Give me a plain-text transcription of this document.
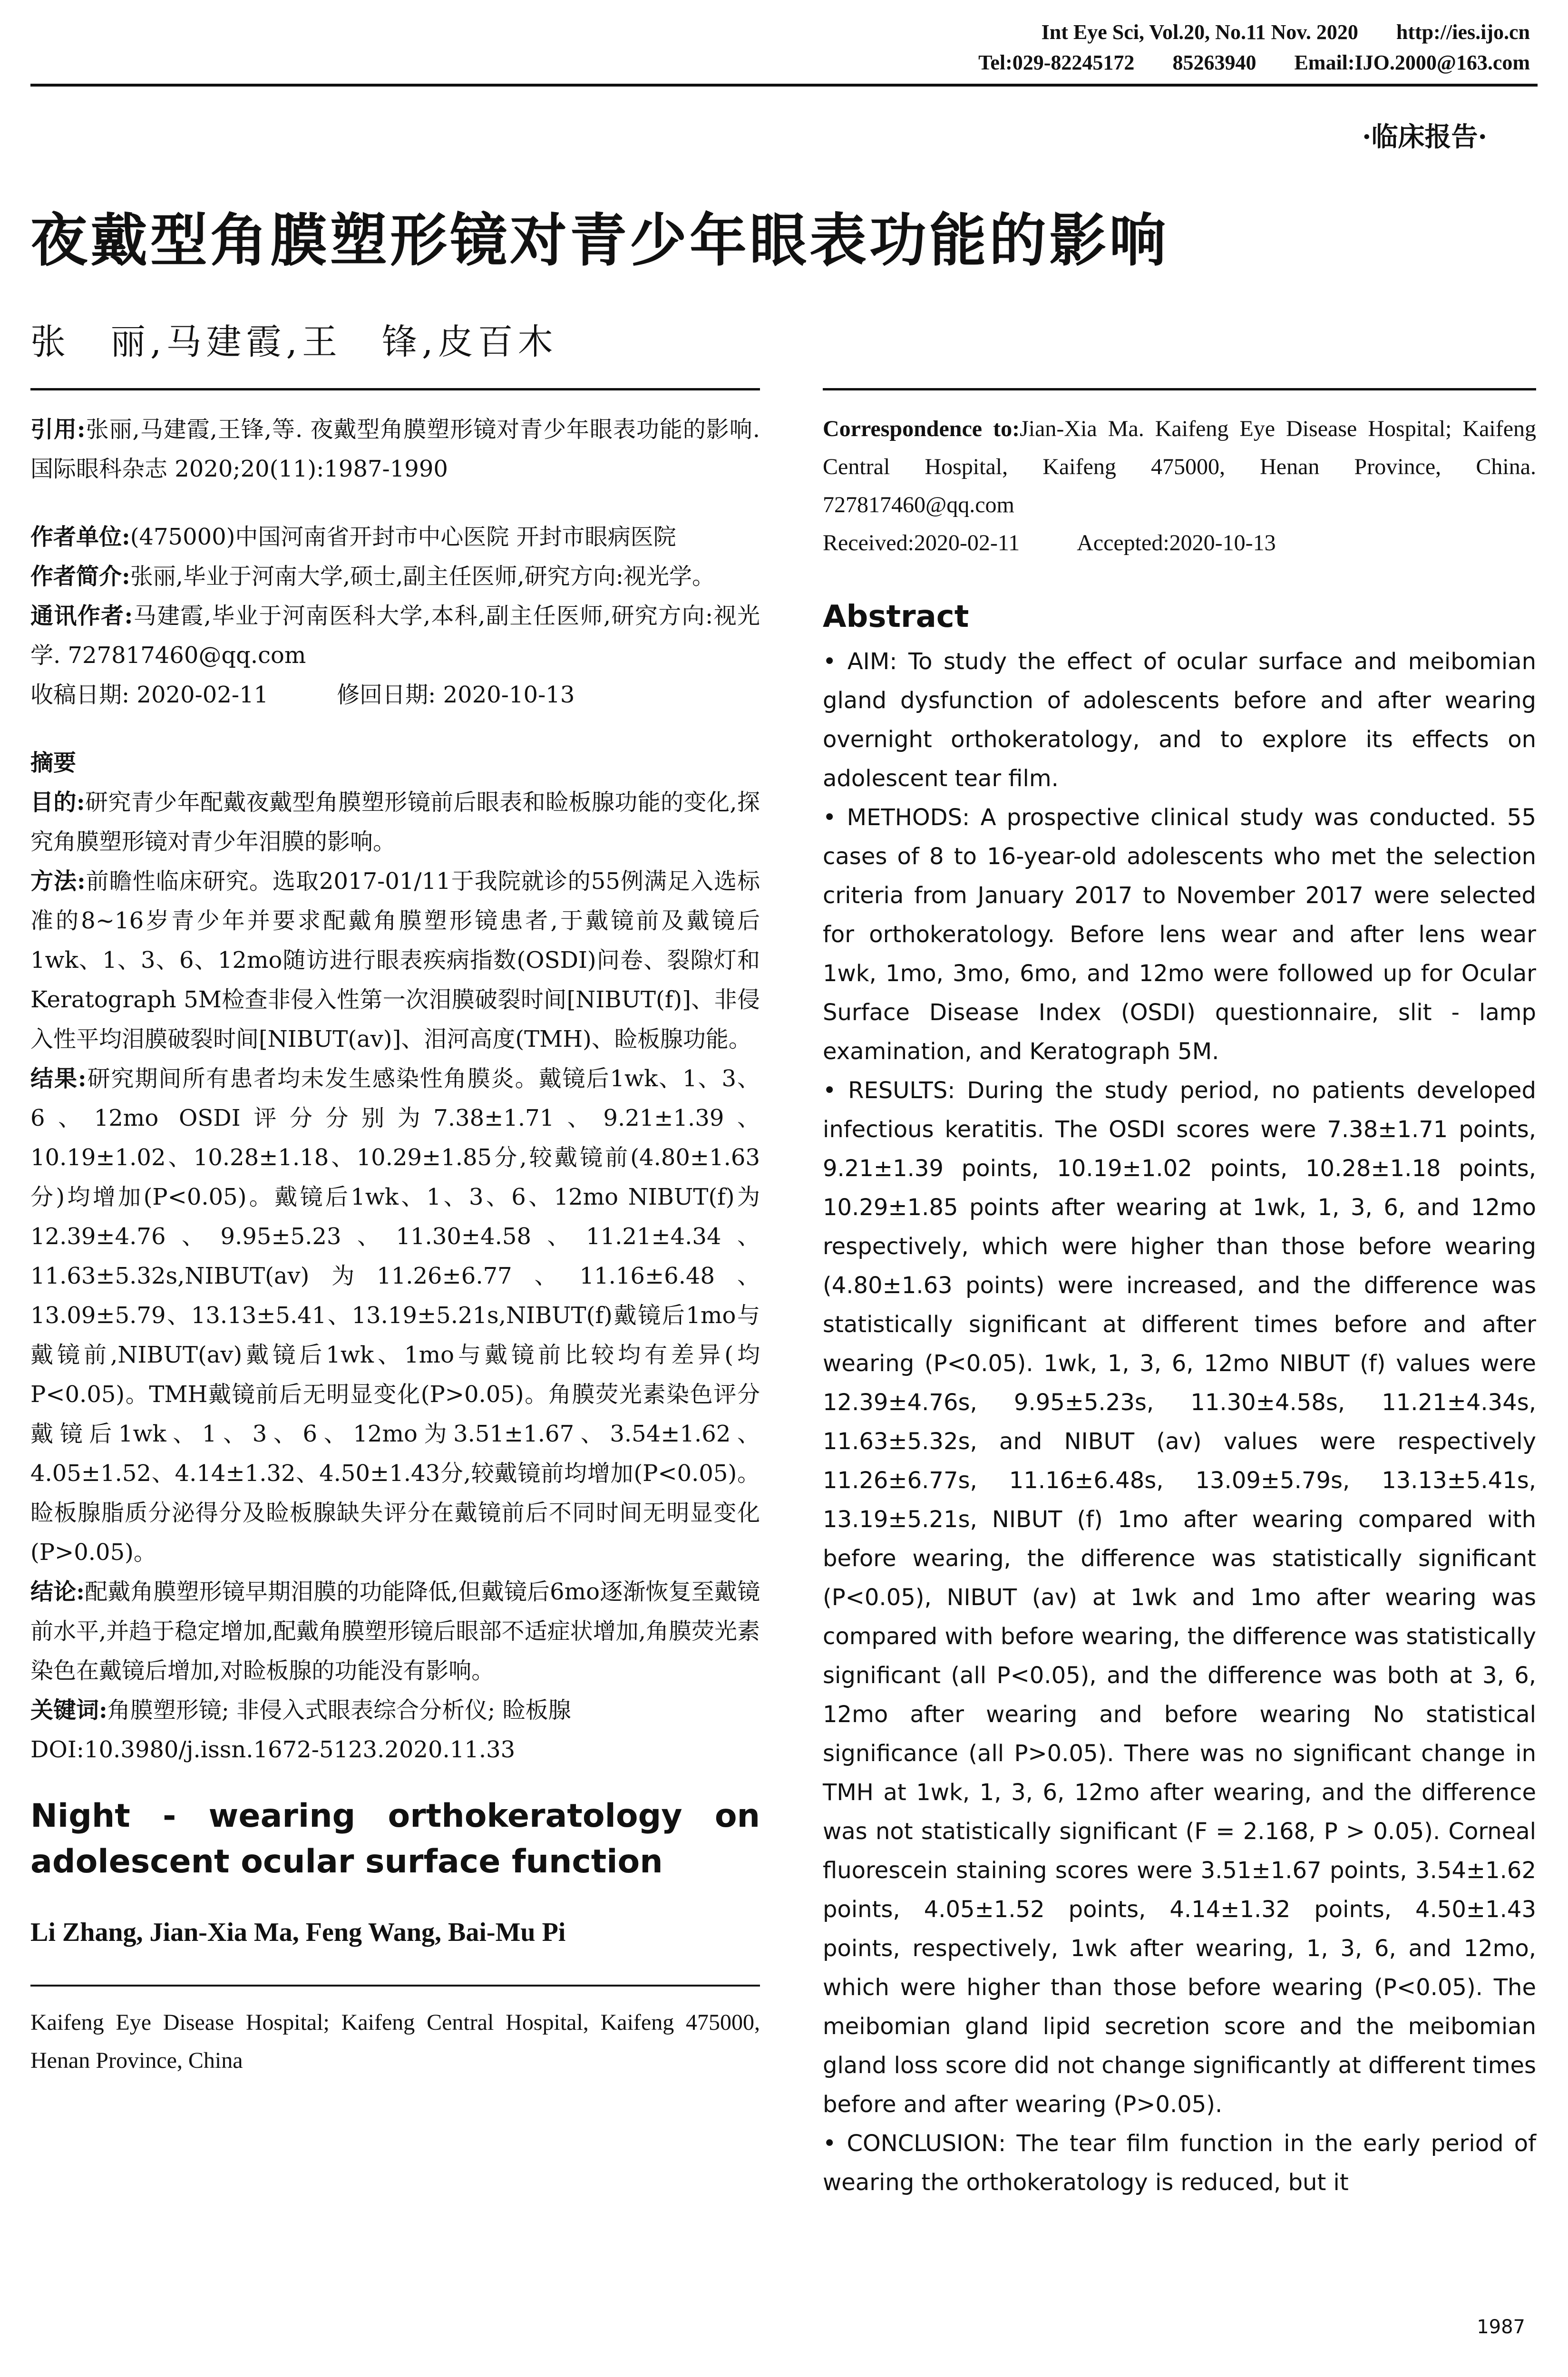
Int Eye Sci, Vol.20, No.11 Nov. 2020 http://ies.ijo.cn
Tel:029-82245172 85263940 Email:IJO.2000@163.com
·临床报告·
夜戴型角膜塑形镜对青少年眼表功能的影响
张　丽,马建霞,王　锋,皮百木

引用:张丽,马建霞,王锋,等. 夜戴型角膜塑形镜对青少年眼表功能的影响. 国际眼科杂志 2020;20(11):1987-1990

作者单位:(475000)中国河南省开封市中心医院 开封市眼病医院

作者简介:张丽,毕业于河南大学,硕士,副主任医师,研究方向:视光学。

通讯作者:马建霞,毕业于河南医科大学,本科,副主任医师,研究方向:视光学. 727817460@qq.com

收稿日期: 2020-02-11　　　修回日期: 2020-10-13

摘要

目的:研究青少年配戴夜戴型角膜塑形镜前后眼表和睑板腺功能的变化,探究角膜塑形镜对青少年泪膜的影响。

方法:前瞻性临床研究。选取2017-01/11于我院就诊的55例满足入选标准的8~16岁青少年并要求配戴角膜塑形镜患者,于戴镜前及戴镜后1wk、1、3、6、12mo随访进行眼表疾病指数(OSDI)问卷、裂隙灯和Keratograph 5M检查非侵入性第一次泪膜破裂时间[NIBUT(f)]、非侵入性平均泪膜破裂时间[NIBUT(av)]、泪河高度(TMH)、睑板腺功能。

结果:研究期间所有患者均未发生感染性角膜炎。戴镜后1wk、1、3、6、12mo OSDI评分分别为7.38±1.71、9.21±1.39、10.19±1.02、10.28±1.18、10.29±1.85分,较戴镜前(4.80±1.63分)均增加(P<0.05)。戴镜后1wk、1、3、6、12mo NIBUT(f)为12.39±4.76、9.95±5.23、11.30±4.58、11.21±4.34、11.63±5.32s,NIBUT(av)为11.26±6.77、11.16±6.48、13.09±5.79、13.13±5.41、13.19±5.21s,NIBUT(f)戴镜后1mo与戴镜前,NIBUT(av)戴镜后1wk、1mo与戴镜前比较均有差异(均P<0.05)。TMH戴镜前后无明显变化(P>0.05)。角膜荧光素染色评分戴镜后1wk、1、3、6、12mo为3.51±1.67、3.54±1.62、4.05±1.52、4.14±1.32、4.50±1.43分,较戴镜前均增加(P<0.05)。睑板腺脂质分泌得分及睑板腺缺失评分在戴镜前后不同时间无明显变化(P>0.05)。

结论:配戴角膜塑形镜早期泪膜的功能降低,但戴镜后6mo逐渐恢复至戴镜前水平,并趋于稳定增加,配戴角膜塑形镜后眼部不适症状增加,角膜荧光素染色在戴镜后增加,对睑板腺的功能没有影响。

关键词:角膜塑形镜; 非侵入式眼表综合分析仪; 睑板腺

DOI:10.3980/j.issn.1672-5123.2020.11.33

Night - wearing orthokeratology on adolescent ocular surface function

Li Zhang, Jian-Xia Ma, Feng Wang, Bai-Mu Pi

Kaifeng Eye Disease Hospital; Kaifeng Central Hospital, Kaifeng 475000, Henan Province, China

Correspondence to:Jian-Xia Ma. Kaifeng Eye Disease Hospital; Kaifeng Central Hospital, Kaifeng 475000, Henan Province, China. 727817460@qq.com

Received:2020-02-11	Accepted:2020-10-13

Abstract

• AIM: To study the effect of ocular surface and meibomian gland dysfunction of adolescents before and after wearing overnight orthokeratology, and to explore its effects on adolescent tear film.

• METHODS: A prospective clinical study was conducted. 55 cases of 8 to 16-year-old adolescents who met the selection criteria from January 2017 to November 2017 were selected for orthokeratology. Before lens wear and after lens wear 1wk, 1mo, 3mo, 6mo, and 12mo were followed up for Ocular Surface Disease Index (OSDI) questionnaire, slit - lamp examination, and Keratograph 5M.

• RESULTS: During the study period, no patients developed infectious keratitis. The OSDI scores were 7.38±1.71 points, 9.21±1.39 points, 10.19±1.02 points, 10.28±1.18 points, 10.29±1.85 points after wearing at 1wk, 1, 3, 6, and 12mo respectively, which were higher than those before wearing (4.80±1.63 points) were increased, and the difference was statistically significant at different times before and after wearing (P<0.05). 1wk, 1, 3, 6, 12mo NIBUT (f) values were 12.39±4.76s, 9.95±5.23s, 11.30±4.58s, 11.21±4.34s, 11.63±5.32s, and NIBUT (av) values were respectively 11.26±6.77s, 11.16±6.48s, 13.09±5.79s, 13.13±5.41s, 13.19±5.21s, NIBUT (f) 1mo after wearing compared with before wearing, the difference was statistically significant (P<0.05), NIBUT (av) at 1wk and 1mo after wearing was compared with before wearing, the difference was statistically significant (all P<0.05), and the difference was both at 3, 6, 12mo after wearing and before wearing No statistical significance (all P>0.05). There was no significant change in TMH at 1wk, 1, 3, 6, 12mo after wearing, and the difference was not statistically significant (F = 2.168, P > 0.05). Corneal fluorescein staining scores were 3.51±1.67 points, 3.54±1.62 points, 4.05±1.52 points, 4.14±1.32 points, 4.50±1.43 points, respectively, 1wk after wearing, 1, 3, 6, and 12mo, which were higher than those before wearing (P<0.05). The meibomian gland lipid secretion score and the meibomian gland loss score did not change significantly at different times before and after wearing (P>0.05).

• CONCLUSION: The tear film function in the early period of wearing the orthokeratology is reduced, but it

1987
